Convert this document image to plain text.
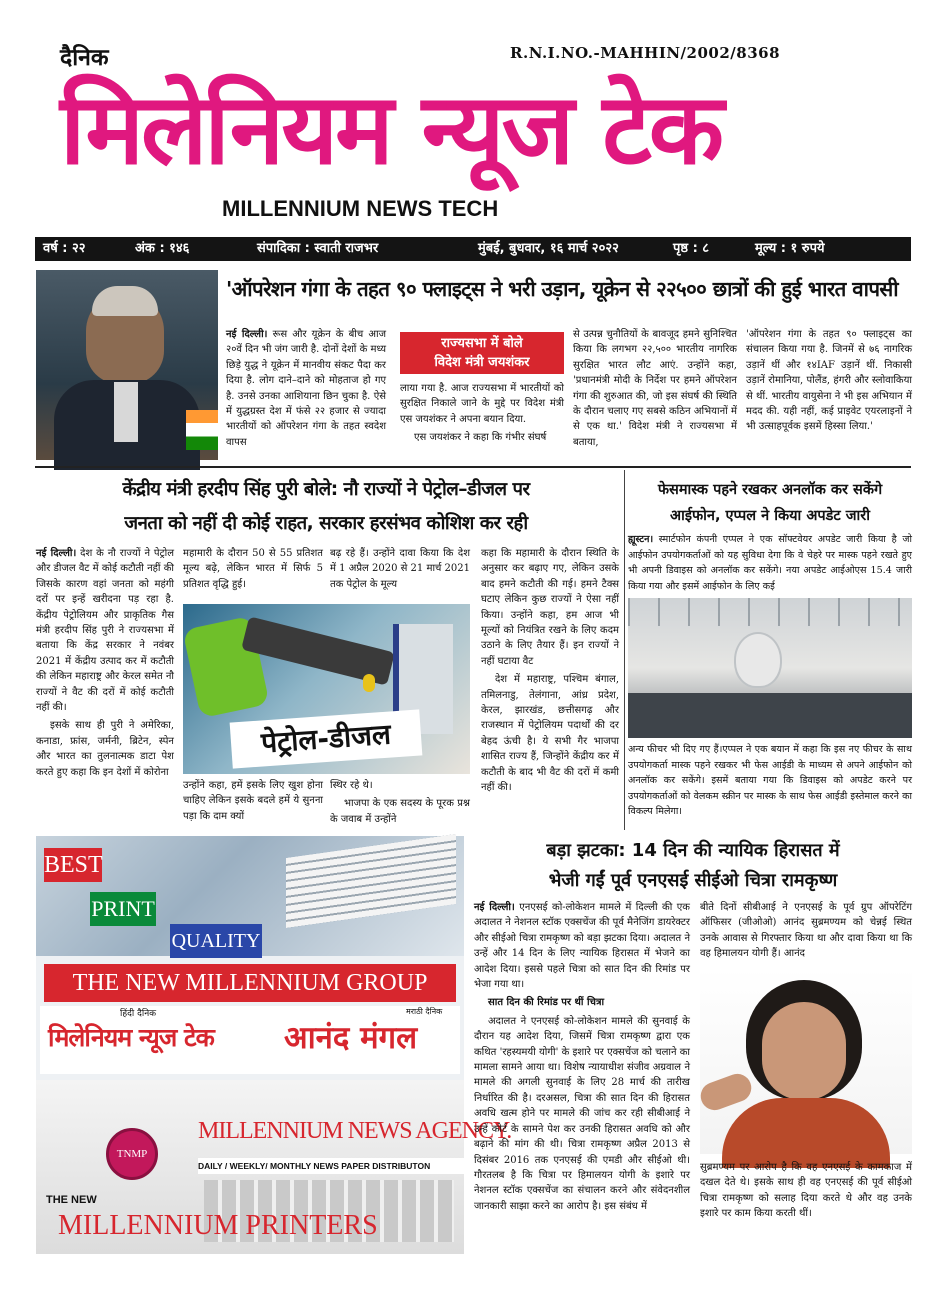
दैनिक	R.N.I.NO.-MAHHIN/2002/8368
मिलेनियम न्यूज टेक
MILLENNIUM NEWS TECH
वर्ष : २२	अंक : १४६	संपादिका : स्वाती राजभर	मुंबई, बुधवार, १६ मार्च २०२२	पृष्ठ : ८	मूल्य : १ रुपये
'ऑपरेशन गंगा के तहत ९० फ्लाइट्स ने भरी उड़ान, यूक्रेन से २२५०० छात्रों की हुई भारत वापसी
नई दिल्ली। रूस और यूक्रेन के बीच आज २०वें दिन भी जंग जारी है. दोनों देशों के मध्य छिड़े युद्ध ने यूक्रेन में मानवीय संकट पैदा कर दिया है. लोग दाने–दाने को मोहताज हो गए है. उनसे उनका आशियाना छिन चुका है. ऐसे में युद्धग्रस्त देश में फंसे २२ हजार से ज्यादा भारतीयों को ऑपरेशन गंगा के तहत स्वदेश वापस
राज्यसभा में बोले
विदेश मंत्री जयशंकर

लाया गया है. आज राज्यसभा में भारतीयों को सुरक्षित निकाले जाने के मुद्दे पर विदेश मंत्री एस जयशंकर ने अपना बयान दिया.

एस जयशंकर ने कहा कि गंभीर संघर्ष

से उत्पन्न चुनौतियों के बावजूद हमने सुनिश्चित किया कि लगभग २२,५०० भारतीय नागरिक सुरक्षित भारत लौट आएं. उन्होंने कहा, 'प्रधानमंत्री मोदी के निर्देश पर हमने ऑपरेशन गंगा की शुरुआत की, जो इस संघर्ष की स्थिति के दौरान चलाए गए सबसे कठिन अभियानों में से एक था.' विदेश मंत्री ने राज्यसभा में बताया,
'ऑपरेशन गंगा के तहत ९० फ्लाइट्स का संचालन किया गया है. जिनमें से ७६ नागरिक उड़ानें थीं और १४IAF उड़ानें थीं. निकासी उड़ानें रोमानिया, पोलैंड, हंगरी और स्लोवाकिया से थीं. भारतीय वायुसेना ने भी इस अभियान में मदद की. यही नहीं, कई प्राइवेट एयरलाइनों ने भी उत्साहपूर्वक इसमें हिस्सा लिया.'
केंद्रीय मंत्री हरदीप सिंह पुरी बोले: नौ राज्यों ने पेट्रोल–डीजल पर
जनता को नहीं दी कोई राहत, सरकार हरसंभव कोशिश कर रही

नई दिल्ली। देश के नौ राज्यों ने पेट्रोल और डीजल वैट में कोई कटौती नहीं की जिसके कारण वहां जनता को महंगी दरों पर इन्हें खरीदना पड़ रहा है. केंद्रीय पेट्रोलियम और प्राकृतिक गैस मंत्री हरदीप सिंह पुरी ने राज्यसभा में बताया कि केंद्र सरकार ने नवंबर 2021 में केंद्रीय उत्पाद कर में कटौती की लेकिन महाराष्ट्र और केरल समेत नौ राज्यों ने वैट की दरों में कोई कटौती नहीं की।

इसके साथ ही पुरी ने अमेरिका, कनाडा, फ्रांस, जर्मनी, ब्रिटेन, स्पेन और भारत का तुलनात्मक डाटा पेश करते हुए कहा कि इन देशों में कोरोना

महामारी के दौरान 50 से 55 प्रतिशत मूल्य बढ़े, लेकिन भारत में सिर्फ 5 प्रतिशत वृद्धि हुई।
बढ़ रहे हैं। उन्होंने दावा किया कि देश में 1 अप्रैल 2020 से 21 मार्च 2021 तक पेट्रोल के मूल्य
पेट्रोल-डीजल
उन्होंने कहा, हमें इसके लिए खुश होना चाहिए लेकिन इसके बदले हमें ये सुनना पड़ा कि दाम क्यों

स्थिर रहे थे।

भाजपा के एक सदस्य के पूरक प्रश्न के जवाब में उन्होंने

कहा कि महामारी के दौरान स्थिति के अनुसार कर बढ़ाए गए, लेकिन उसके बाद हमने कटौती की गई। हमने टैक्स घटाए लेकिन कुछ राज्यों ने ऐसा नहीं किया। उन्होंने कहा, हम आज भी मूल्यों को नियंत्रित रखने के लिए कदम उठाने के लिए तैयार हैं। इन राज्यों ने नहीं घटाया वैट

देश में महाराष्ट्र, पश्चिम बंगाल, तमिलनाडु, तेलंगाना, आंध्र प्रदेश, केरल, झारखंड, छत्तीसगढ़ और राजस्थान में पेट्रोलियम पदार्थों की दर बेहद ऊंची है। ये सभी गैर भाजपा शासित राज्य हैं, जिन्होंने केंद्रीय कर में कटौती के बाद भी वैट की दरों में कमी नहीं की।

फेसमास्क पहने रखकर अनलॉक कर सकेंगे
आईफोन, एप्पल ने किया अपडेट जारी
ह्यूस्टन। स्मार्टफोन कंपनी एप्पल ने एक सॉफ्टवेयर अपडेट जारी किया है जो आईफोन उपयोगकर्ताओं को यह सुविधा देगा कि वे चेहरे पर मास्क पहने रखते हुए भी अपनी डिवाइस को अनलॉक कर सकेंगे। नया अपडेट आईओएस 15.4 जारी किया गया और इसमें आईफोन के लिए कई
अन्य फीचर भी दिए गए हैं।एप्पल ने एक बयान में कहा कि इस नए फीचर के साथ उपयोगकर्ता मास्क पहने रखकर भी फेस आईडी के माध्यम से अपने आईफोन को अनलॉक कर सकेंगे। इसमें बताया गया कि डिवाइस को अपडेट करने पर उपयोगकर्ताओं को वेलकम स्क्रीन पर मास्क के साथ फेस आईडी इस्तेमाल करने का विकल्प मिलेगा।
BEST
PRINT
QUALITY
THE NEW MILLENNIUM GROUP
हिंदी दैनिक
मिलेनियम न्यूज टेक
मराठी दैनिक
आनंद मंगल
TNMP
MILLENNIUM NEWS AGENCY.
DAILY / WEEKLY/ MONTHLY NEWS PAPER DISTRIBUTON
THE NEW
MILLENNIUM PRINTERS
बड़ा झटका: 14 दिन की न्यायिक हिरासत में
भेजी गईं पूर्व एनएसई सीईओ चित्रा रामकृष्ण

नई दिल्ली। एनएसई को-लोकेशन मामले में दिल्ली की एक अदालत ने नेशनल स्टॉक एक्सचेंज की पूर्व मैनेजिंग डायरेक्टर और सीईओ चित्रा रामकृष्ण को बड़ा झटका दिया। अदालत ने उन्हें और 14 दिन के लिए न्यायिक हिरासत में भेजने का आदेश दिया। इससे पहले चित्रा को सात दिन की रिमांड पर भेजा गया था।

सात दिन की रिमांड पर थीं चित्रा

अदालत ने एनएसई को-लोकेशन मामले की सुनवाई के दौरान यह आदेश दिया, जिसमें चित्रा रामकृष्ण द्वारा एक कथित 'रहस्यमयी योगी' के इशारे पर एक्सचेंज को चलाने का मामला सामने आया था। विशेष न्यायाधीश संजीव अग्रवाल ने मामले की अगली सुनवाई के लिए 28 मार्च की तारीख निर्धारित की है। दरअसल, चित्रा की सात दिन की हिरासत अवधि खत्म होने पर मामले की जांच कर रही सीबीआई ने उन्हें कोर्ट के सामने पेश कर उनकी हिरासत अवधि को और बढ़ाने की मांग की थी। चित्रा रामकृष्ण अप्रैल 2013 से दिसंबर 2016 तक एनएसई की एमडी और सीईओ थी। गौरतलब है कि चित्रा पर हिमालयन योगी के इशारे पर नेशनल स्टॉक एक्सचेंज का संचालन करने और संवेदनशील जानकारी साझा करने का आरोप है। इस संबंध में

बीते दिनों सीबीआई ने एनएसई के पूर्व ग्रुप ऑपरेटिंग ऑफिसर (जीओओ) आनंद सुब्रमण्यम को चेन्नई स्थित उनके आवास से गिरफ्तार किया था और दावा किया था कि वह हिमालयन योगी हैं। आनंद
सुब्रमण्यम पर आरोप है कि वह एनएसई के कामकाज में दखल देते थे। इसके साथ ही वह एनएसई की पूर्व सीईओ चित्रा रामकृष्ण को सलाह दिया करते थे और वह उनके इशारे पर काम किया करती थीं।
